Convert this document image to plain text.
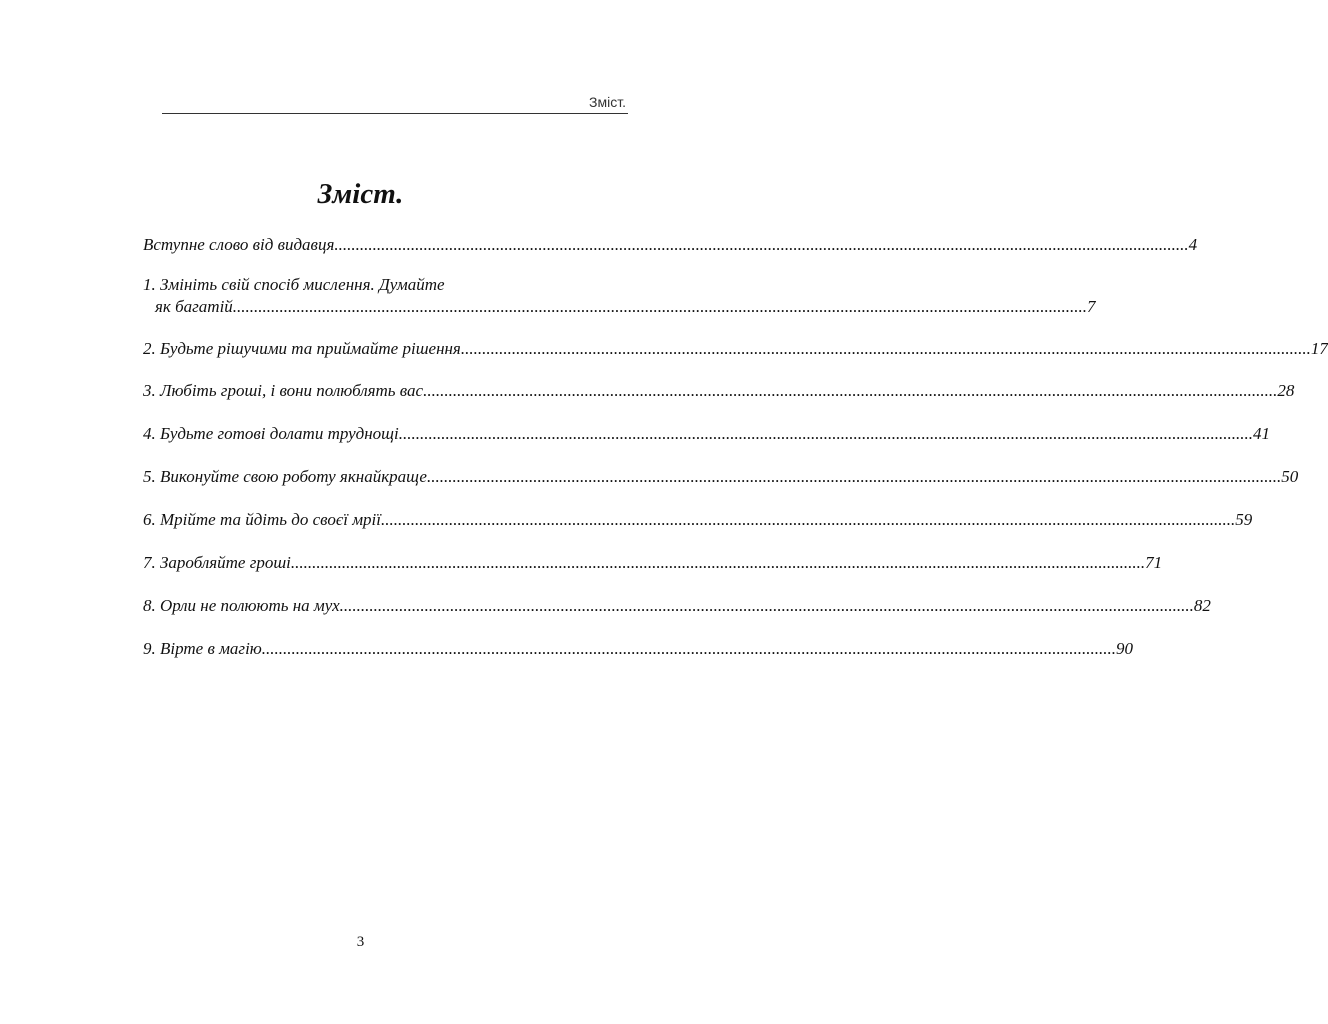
Зміст.
Зміст.
Вступне слово від видавця. ........................................................................................................................................................................................................ 4
1. Змініть свій спосіб мислення. Думайте
як багатій. ........................................................................................................................................................................................................ 7
2. Будьте рішучими та приймайте рішення ........................................................................................................................................................................................................ 17
3. Любіть гроші, і вони полюблять вас. ........................................................................................................................................................................................................ 28
4. Будьте готові долати труднощі. ........................................................................................................................................................................................................ 41
5. Виконуйте свою роботу якнайкраще. ........................................................................................................................................................................................................ 50
6. Мрійте та йдіть до своєї мрії. ........................................................................................................................................................................................................ 59
7. Заробляйте гроші. ........................................................................................................................................................................................................ 71
8. Орли не полюють на мух. ........................................................................................................................................................................................................ 82
9. Вірте в магію. ........................................................................................................................................................................................................ 90
3
